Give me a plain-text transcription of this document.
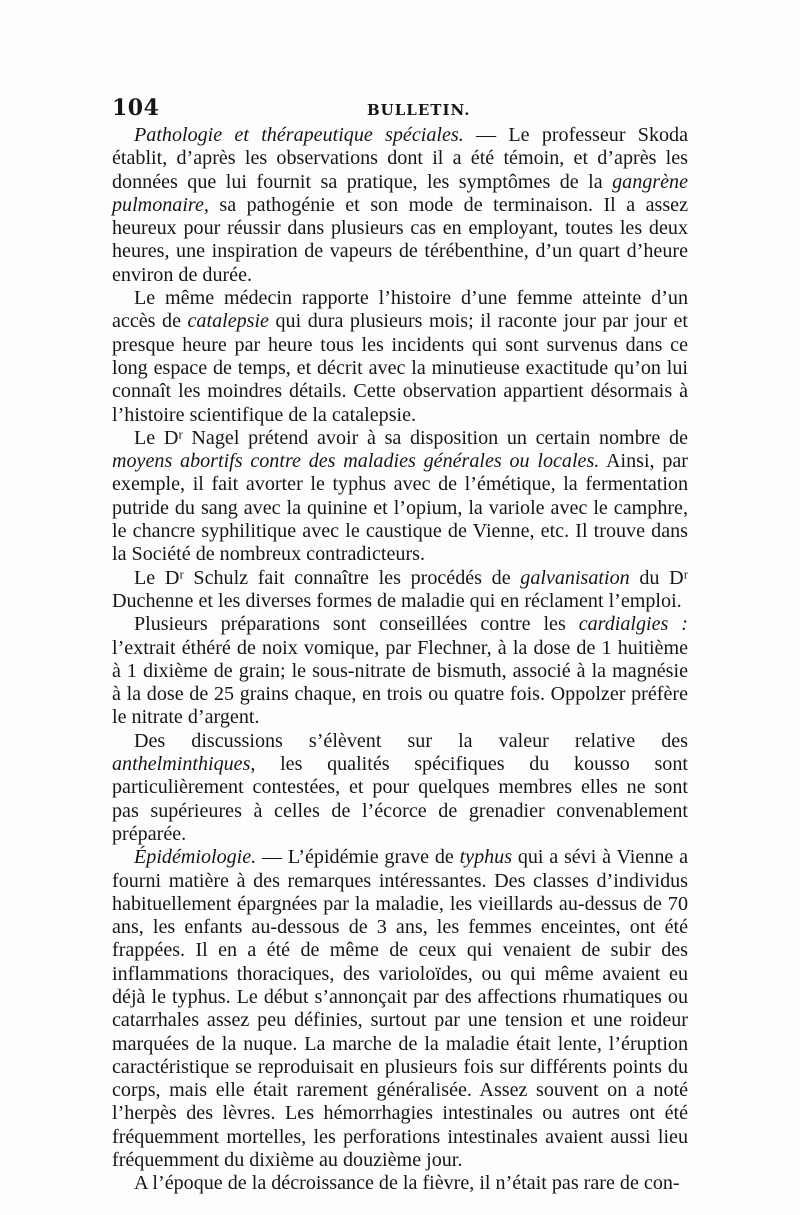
104	BULLETIN.

Pathologie et thérapeutique spéciales. — Le professeur Skoda établit, d’après les observations dont il a été témoin, et d’après les données que lui fournit sa pratique, les symptômes de la gangrène pulmonaire, sa pathogénie et son mode de terminaison. Il a assez heureux pour réussir dans plusieurs cas en employant, toutes les deux heures, une inspiration de vapeurs de térébenthine, d’un quart d’heure environ de durée.

Le même médecin rapporte l’histoire d’une femme atteinte d’un accès de catalepsie qui dura plusieurs mois; il raconte jour par jour et presque heure par heure tous les incidents qui sont survenus dans ce long espace de temps, et décrit avec la minutieuse exactitude qu’on lui connaît les moindres détails. Cette observation appartient désormais à l’histoire scientifique de la catalepsie.

Le Dʳ Nagel prétend avoir à sa disposition un certain nombre de moyens abortifs contre des maladies générales ou locales. Ainsi, par exemple, il fait avorter le typhus avec de l’émétique, la fermentation putride du sang avec la quinine et l’opium, la variole avec le camphre, le chancre syphilitique avec le caustique de Vienne, etc. Il trouve dans la Société de nombreux contradicteurs.

Le Dʳ Schulz fait connaître les procédés de galvanisation du Dʳ Duchenne et les diverses formes de maladie qui en réclament l’emploi.

Plusieurs préparations sont conseillées contre les cardialgies : l’extrait éthéré de noix vomique, par Flechner, à la dose de 1 huitième à 1 dixième de grain; le sous-nitrate de bismuth, associé à la magnésie à la dose de 25 grains chaque, en trois ou quatre fois. Oppolzer préfère le nitrate d’argent.

Des discussions s’élèvent sur la valeur relative des anthelminthiques, les qualités spécifiques du kousso sont particulièrement contestées, et pour quelques membres elles ne sont pas supérieures à celles de l’écorce de grenadier convenablement préparée.

Épidémiologie. — L’épidémie grave de typhus qui a sévi à Vienne a fourni matière à des remarques intéressantes. Des classes d’individus habituellement épargnées par la maladie, les vieillards au-dessus de 70 ans, les enfants au-dessous de 3 ans, les femmes enceintes, ont été frappées. Il en a été de même de ceux qui venaient de subir des inflammations thoraciques, des varioloïdes, ou qui même avaient eu déjà le typhus. Le début s’annonçait par des affections rhumatiques ou catarrhales assez peu définies, surtout par une tension et une roideur marquées de la nuque. La marche de la maladie était lente, l’éruption caractéristique se reproduisait en plusieurs fois sur différents points du corps, mais elle était rarement généralisée. Assez souvent on a noté l’herpès des lèvres. Les hémorrhagies intestinales ou autres ont été fréquemment mortelles, les perforations intestinales avaient aussi lieu fréquemment du dixième au douzième jour.

A l’époque de la décroissance de la fièvre, il n’était pas rare de con-
